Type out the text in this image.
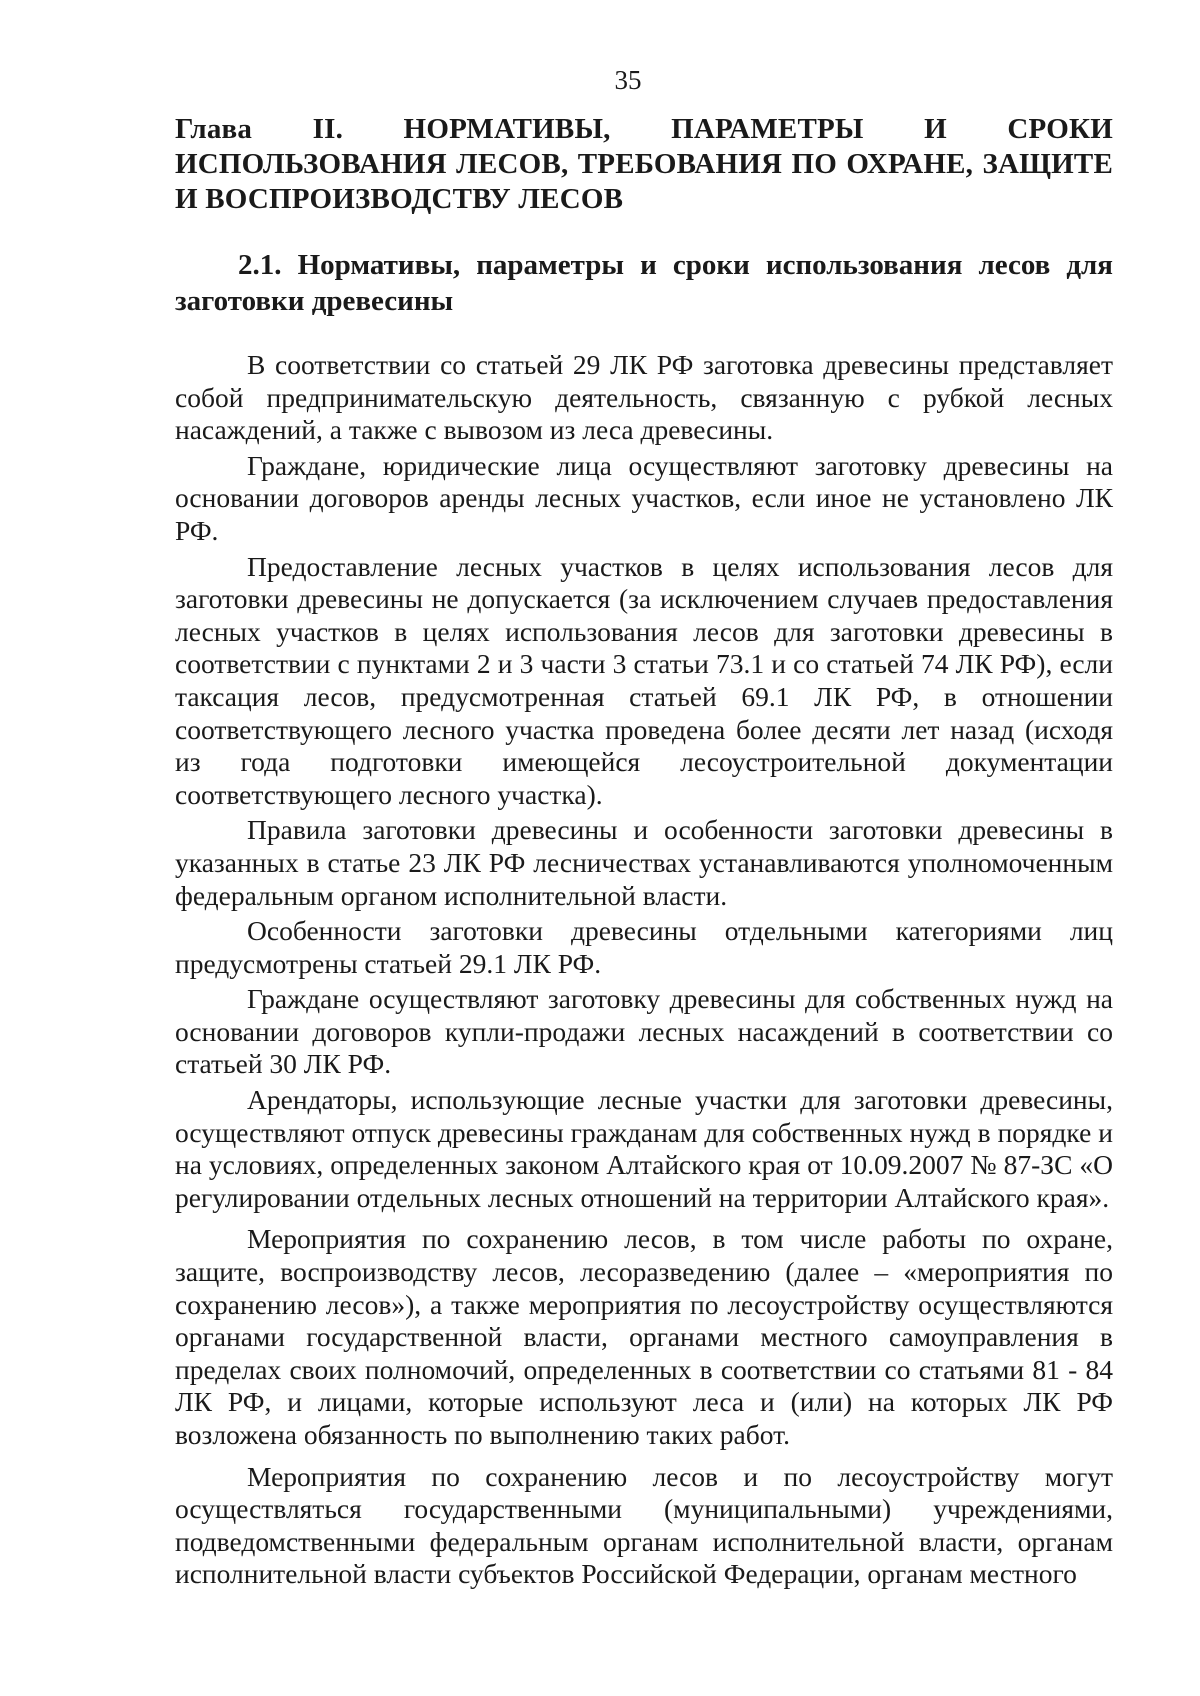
35
Глава II. НОРМАТИВЫ, ПАРАМЕТРЫ И СРОКИ ИСПОЛЬЗОВАНИЯ ЛЕСОВ, ТРЕБОВАНИЯ ПО ОХРАНЕ, ЗАЩИТЕ И ВОСПРОИЗВОДСТВУ ЛЕСОВ
2.1. Нормативы, параметры и сроки использования лесов для заготовки древесины

В соответствии со статьей 29 ЛК РФ заготовка древесины представляет собой предпринимательскую деятельность, связанную с рубкой лесных насаждений, а также с вывозом из леса древесины.

Граждане, юридические лица осуществляют заготовку древесины на основании договоров аренды лесных участков, если иное не установлено ЛК РФ.

Предоставление лесных участков в целях использования лесов для заготовки древесины не допускается (за исключением случаев предоставления лесных участков в целях использования лесов для заготовки древесины в соответствии с пунктами 2 и 3 части 3 статьи 73.1 и со статьей 74 ЛК РФ), если таксация лесов, предусмотренная статьей 69.1 ЛК РФ, в отношении соответствующего лесного участка проведена более десяти лет назад (исходя из года подготовки имеющейся лесоустроительной документации соответствующего лесного участка).

Правила заготовки древесины и особенности заготовки древесины в указанных в статье 23 ЛК РФ лесничествах устанавливаются уполномоченным федеральным органом исполнительной власти.

Особенности заготовки древесины отдельными категориями лиц предусмотрены статьей 29.1 ЛК РФ.

Граждане осуществляют заготовку древесины для собственных нужд на основании договоров купли-продажи лесных насаждений в соответствии со статьей 30 ЛК РФ.

Арендаторы, использующие лесные участки для заготовки древесины, осуществляют отпуск древесины гражданам для собственных нужд в порядке и на условиях, определенных законом Алтайского края от 10.09.2007 № 87-ЗС «О регулировании отдельных лесных отношений на территории Алтайского края».

Мероприятия по сохранению лесов, в том числе работы по охране, защите, воспроизводству лесов, лесоразведению (далее – «мероприятия по сохранению лесов»), а также мероприятия по лесоустройству осуществляются органами государственной власти, органами местного самоуправления в пределах своих полномочий, определенных в соответствии со статьями 81 - 84 ЛК РФ, и лицами, которые используют леса и (или) на которых ЛК РФ возложена обязанность по выполнению таких работ.

Мероприятия по сохранению лесов и по лесоустройству могут осуществляться государственными (муниципальными) учреждениями, подведомственными федеральным органам исполнительной власти, органам исполнительной власти субъектов Российской Федерации, органам местного
